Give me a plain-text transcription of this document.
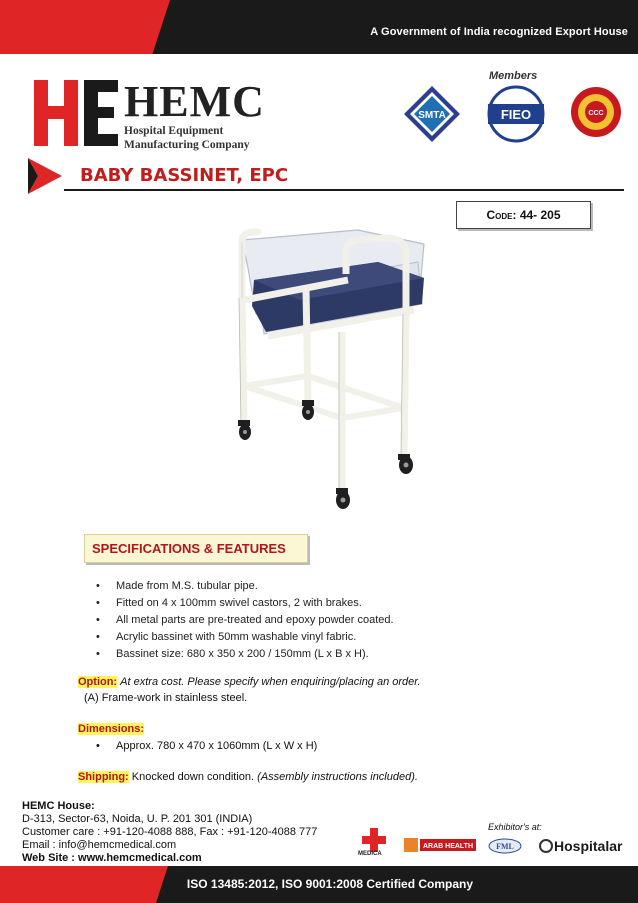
A Government of India recognized Export House
HEMC
Hospital Equipment
Manufacturing Company
Members
SMTA	FIEO	CCC
BABY BASSINET, EPC
Code : 44- 205
SPECIFICATIONS & FEATURES
• Made from M.S. tubular pipe.
• Fitted on 4 x 100mm swivel castors, 2 with brakes.
• All metal parts are pre-treated and epoxy powder coated.
• Acrylic bassinet with 50mm washable vinyl fabric.
• Bassinet size: 680 x 350 x 200 / 150mm (L x B x H).
Option: At extra cost. Please specify when enquiring/placing an order.
(A) Frame-work in stainless steel.
Dimensions:
• Approx. 780 x 470 x 1060mm (L x W x H)
Shipping: Knocked down condition. (Assembly instructions included).
HEMC House:
D-313, Sector-63, Noida, U. P. 201 301 (INDIA)
Customer care : +91-120-4088 888, Fax : +91-120-4088 777
Email : info@hemcmedical.com
Web Site : www.hemcmedical.com
Exhibitor's at:
MEDICA
ARAB HEALTH	FML	Hospitalar
ISO 13485:2012, ISO 9001:2008 Certified Company
